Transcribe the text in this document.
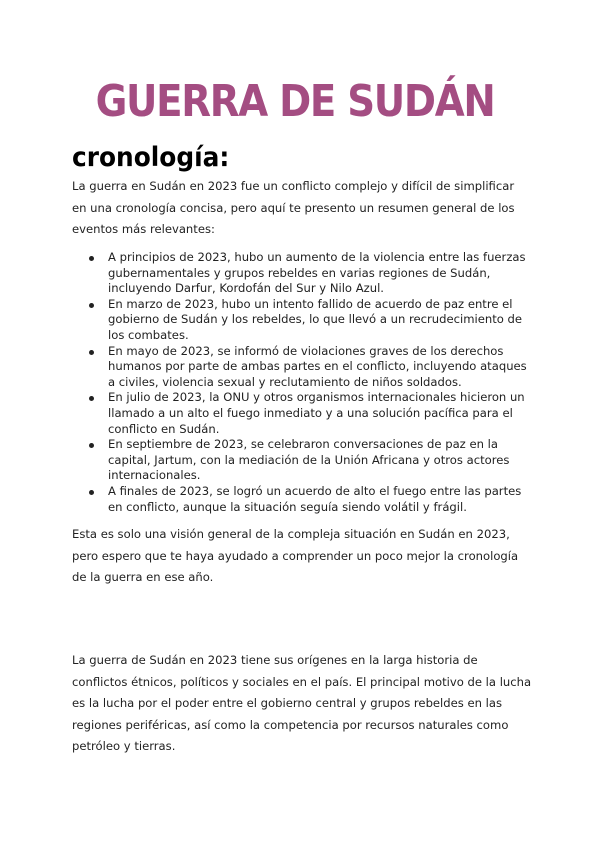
GUERRA DE SUDÁN
cronología:

La guerra en Sudán en 2023 fue un conflicto complejo y difícil de simplificar en una cronología concisa, pero aquí te presento un resumen general de los eventos más relevantes:

A principios de 2023, hubo un aumento de la violencia entre las fuerzas gubernamentales y grupos rebeldes en varias regiones de Sudán, incluyendo Darfur, Kordofán del Sur y Nilo Azul.
En marzo de 2023, hubo un intento fallido de acuerdo de paz entre el gobierno de Sudán y los rebeldes, lo que llevó a un recrudecimiento de los combates.
En mayo de 2023, se informó de violaciones graves de los derechos humanos por parte de ambas partes en el conflicto, incluyendo ataques a civiles, violencia sexual y reclutamiento de niños soldados.
En julio de 2023, la ONU y otros organismos internacionales hicieron un llamado a un alto el fuego inmediato y a una solución pacífica para el conflicto en Sudán.
En septiembre de 2023, se celebraron conversaciones de paz en la capital, Jartum, con la mediación de la Unión Africana y otros actores internacionales.
A finales de 2023, se logró un acuerdo de alto el fuego entre las partes en conflicto, aunque la situación seguía siendo volátil y frágil.

Esta es solo una visión general de la compleja situación en Sudán en 2023, pero espero que te haya ayudado a comprender un poco mejor la cronología de la guerra en ese año.

La guerra de Sudán en 2023 tiene sus orígenes en la larga historia de conflictos étnicos, políticos y sociales en el país. El principal motivo de la lucha es la lucha por el poder entre el gobierno central y grupos rebeldes en las regiones periféricas, así como la competencia por recursos naturales como petróleo y tierras.
